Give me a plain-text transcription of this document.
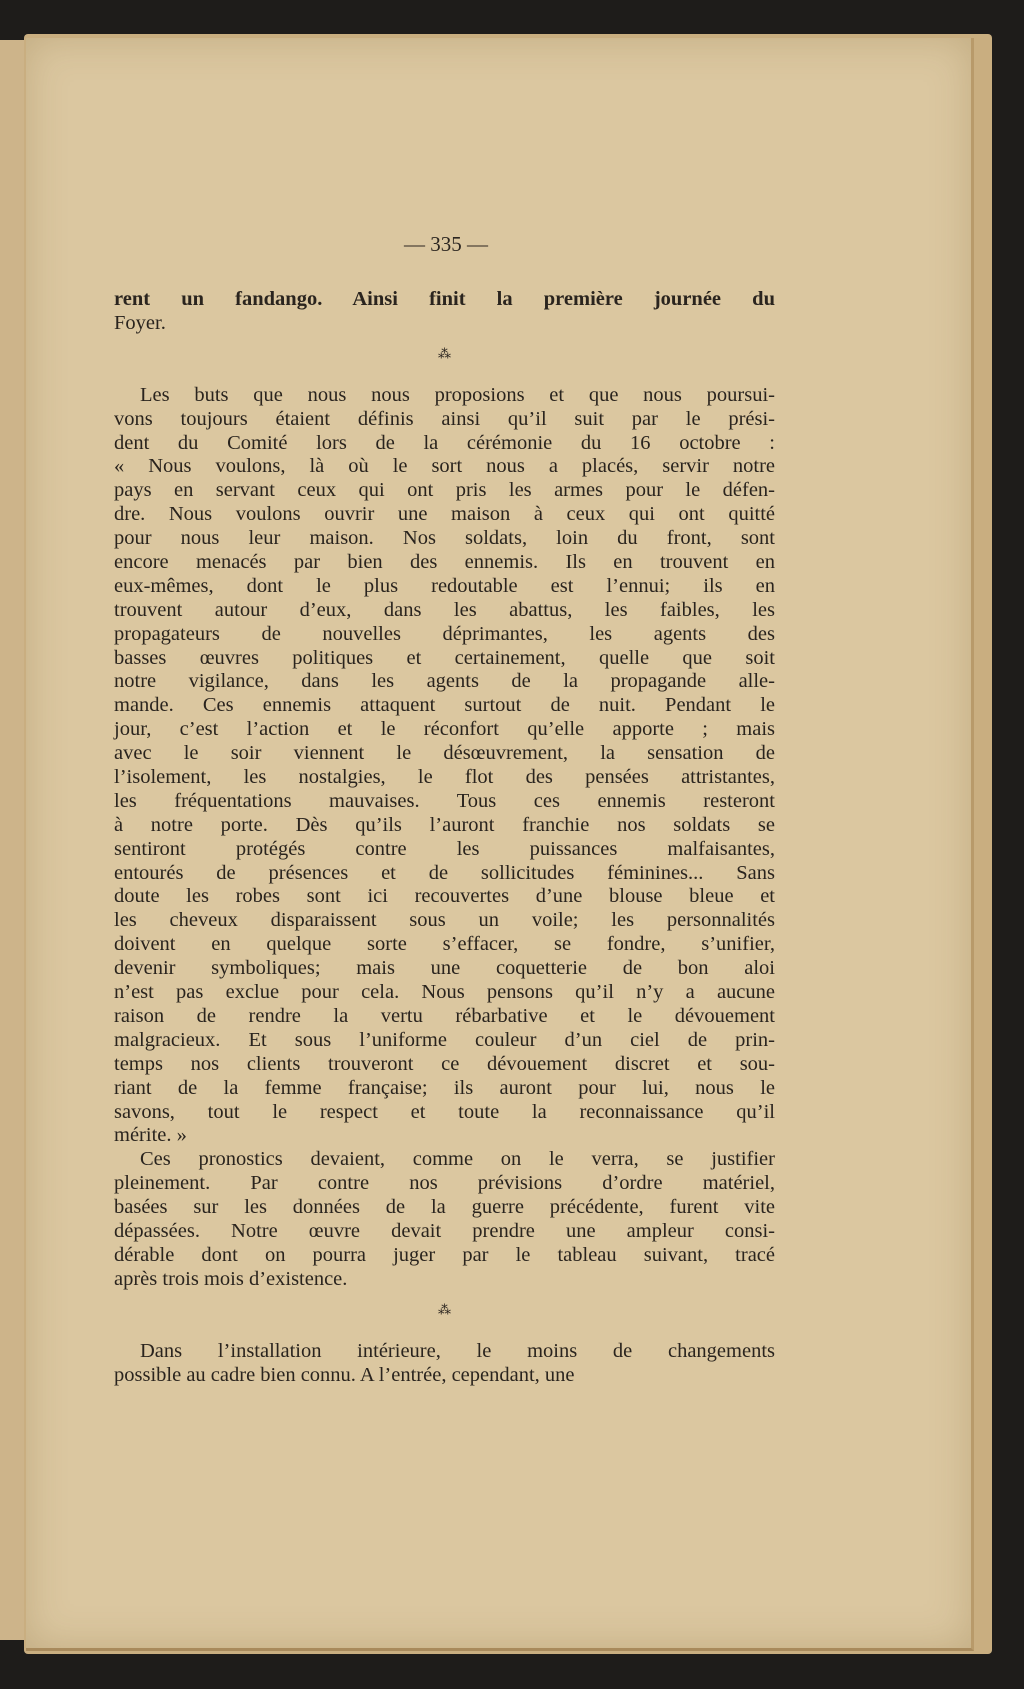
— 335 —
rent un fandango. Ainsi finit la première journée du
Foyer.
⁂
Les buts que nous nous proposions et que nous poursui-
vons toujours étaient définis ainsi qu’il suit par le prési-
dent du Comité lors de la cérémonie du 16 octobre :
« Nous voulons, là où le sort nous a placés, servir notre
pays en servant ceux qui ont pris les armes pour le défen-
dre. Nous voulons ouvrir une maison à ceux qui ont quitté
pour nous leur maison. Nos soldats, loin du front, sont
encore menacés par bien des ennemis. Ils en trouvent en
eux-mêmes, dont le plus redoutable est l’ennui; ils en
trouvent autour d’eux, dans les abattus, les faibles, les
propagateurs de nouvelles déprimantes, les agents des
basses œuvres politiques et certainement, quelle que soit
notre vigilance, dans les agents de la propagande alle-
mande. Ces ennemis attaquent surtout de nuit. Pendant le
jour, c’est l’action et le réconfort qu’elle apporte ; mais
avec le soir viennent le désœuvrement, la sensation de
l’isolement, les nostalgies, le flot des pensées attristantes,
les fréquentations mauvaises. Tous ces ennemis resteront
à notre porte. Dès qu’ils l’auront franchie nos soldats se
sentiront protégés contre les puissances malfaisantes,
entourés de présences et de sollicitudes féminines... Sans
doute les robes sont ici recouvertes d’une blouse bleue et
les cheveux disparaissent sous un voile; les personnalités
doivent en quelque sorte s’effacer, se fondre, s’unifier,
devenir symboliques; mais une coquetterie de bon aloi
n’est pas exclue pour cela. Nous pensons qu’il n’y a aucune
raison de rendre la vertu rébarbative et le dévouement
malgracieux. Et sous l’uniforme couleur d’un ciel de prin-
temps nos clients trouveront ce dévouement discret et sou-
riant de la femme française; ils auront pour lui, nous le
savons, tout le respect et toute la reconnaissance qu’il
mérite. »
Ces pronostics devaient, comme on le verra, se justifier
pleinement. Par contre nos prévisions d’ordre matériel,
basées sur les données de la guerre précédente, furent vite
dépassées. Notre œuvre devait prendre une ampleur consi-
dérable dont on pourra juger par le tableau suivant, tracé
après trois mois d’existence.
⁂
Dans l’installation intérieure, le moins de changements
possible au cadre bien connu. A l’entrée, cependant, une
